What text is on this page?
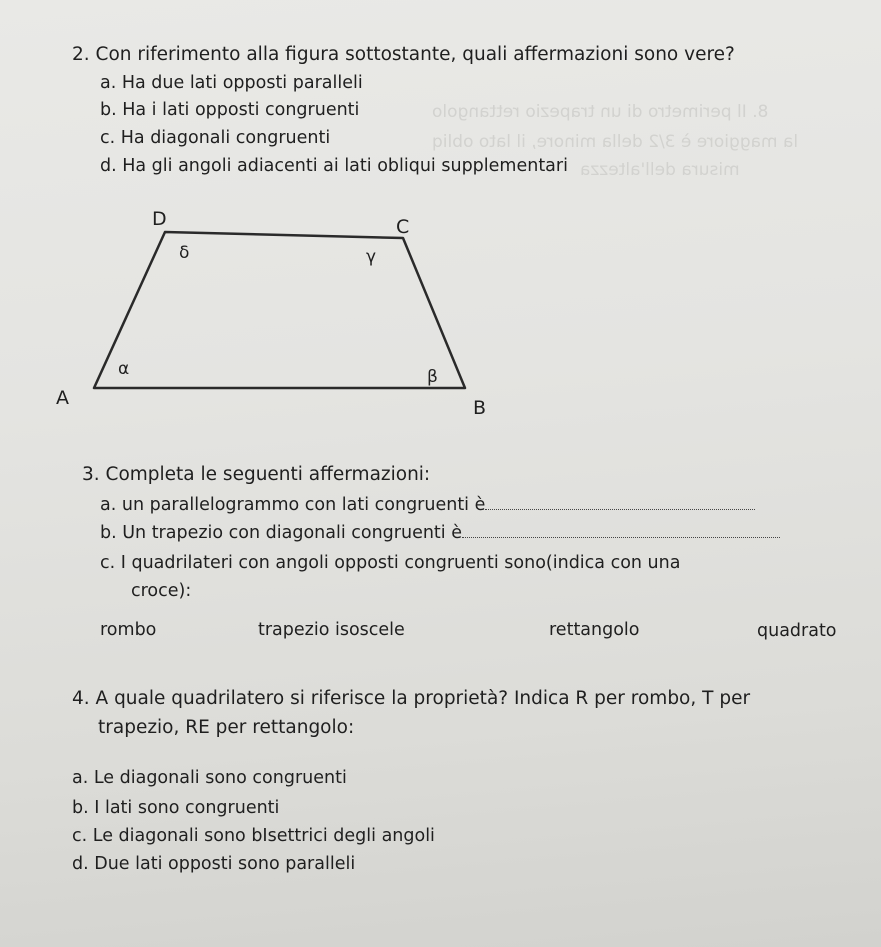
8. Il perimetro di un trapezio rettangolo
la maggiore è 3/2 della minore, il lato obliq
misura dell'altezza
2. Con riferimento alla figura sottostante, quali affermazioni sono vere?
a. Ha due lati opposti paralleli
b. Ha i lati opposti congruenti
c. Ha diagonali congruenti
d. Ha gli angoli adiacenti ai lati obliqui supplementari
A	B
C
D
α	β
γ
δ
3. Completa le seguenti affermazioni:
a. un parallelogrammo con lati congruenti è
b. Un trapezio con diagonali congruenti è
c. I quadrilateri con angoli opposti congruenti sono(indica con una
croce):
rombo	trapezio isoscele	rettangolo	quadrato
4. A quale quadrilatero si riferisce la proprietà? Indica R per rombo, T per
trapezio, RE per rettangolo:
a. Le diagonali sono congruenti
b. I lati sono congruenti
c. Le diagonali sono bIsettrici degli angoli
d. Due lati opposti sono paralleli
